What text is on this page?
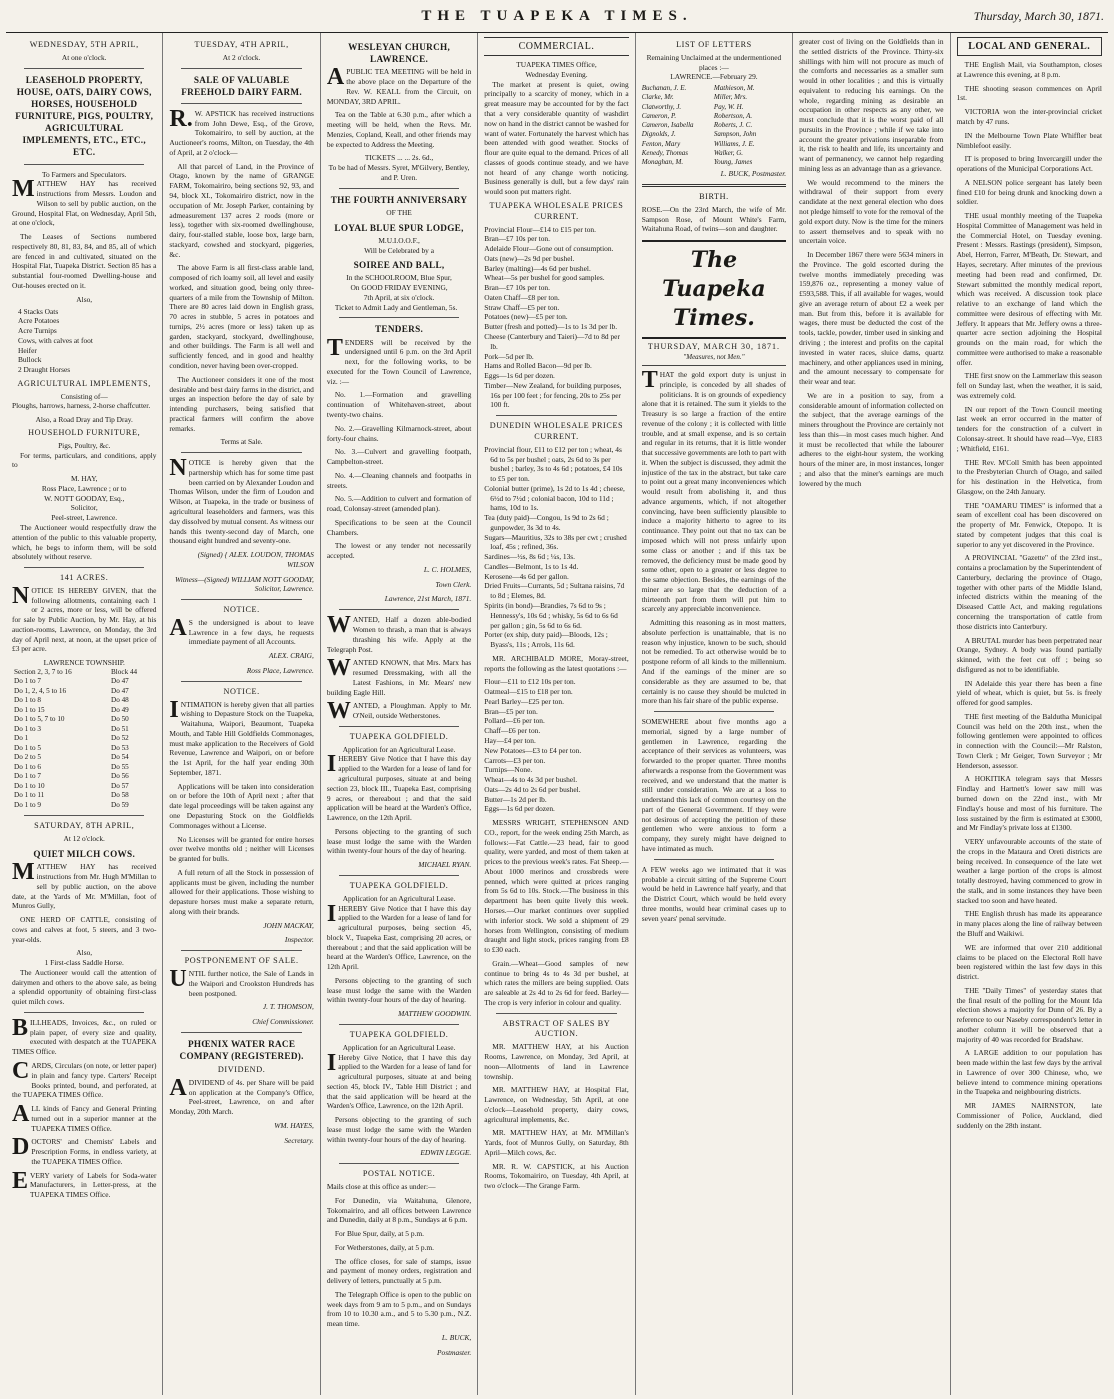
THE TUAPEKA TIMES.	Thursday, March 30, 1871.
WEDNESDAY, 5TH APRIL,
At one o'clock.
LEASEHOLD PROPERTY, HOUSE, OATS, DAIRY COWS, HORSES, HOUSEHOLD FURNITURE, PIGS, POULTRY, AGRICULTURAL IMPLEMENTS, ETC., ETC., ETC.
To Farmers and Speculators.

MATTHEW HAY has received instructions from Messrs. Loudon and Wilson to sell by public auction, on the Ground, Hospital Flat, on Wednesday, April 5th, at one o'clock,

The Leases of Sections numbered respectively 80, 81, 83, 84, and 85, all of which are fenced in and cultivated, situated on the Hospital Flat, Tuapeka District. Section 85 has a substantial four-roomed Dwelling-house and Out-houses erected on it.

Also,
4 Stacks Oats
Acre Potatoes
Acre Turnips
Cows, with calves at foot
Heifer
Bullock
2 Draught Horses
AGRICULTURAL IMPLEMENTS,
Consisting of—

Ploughs, harrows, harness, 2-horse chaffcutter.

Also, a Road Dray and Tip Dray.
HOUSEHOLD FURNITURE,
Pigs, Poultry, &c.

For terms, particulars, and conditions, apply to

M. HAY,
Ross Place, Lawrence ; or to
W. NOTT GOODAY, Esq.,
Solicitor,
Peel-street, Lawrence.

The Auctioneer would respectfully draw the attention of the public to this valuable property, which, he begs to inform them, will be sold absolutely without reserve.

141 ACRES.

NOTICE IS HEREBY GIVEN, that the following allotments, containing each 1 or 2 acres, more or less, will be offered for sale by Public Auction, by Mr. Hay, at his auction-rooms, Lawrence, on Monday, the 3rd day of April next, at noon, at the upset price of £3 per acre.

LAWRENCE TOWNSHIP.
Section 2, 3, 7 to 16	Block 44
Do 1 to 7	Do 47
Do 1, 2, 4, 5 to 16	Do 47
Do 1 to 8	Do 48
Do 1 to 15	Do 49
Do 1 to 5, 7 to 10	Do 50
Do 1 to 3	Do 51
Do 1	Do 52
Do 1 to 5	Do 53
Do 2 to 5	Do 54
Do 1 to 6	Do 55
Do 1 to 7	Do 56
Do 1 to 10	Do 57
Do 1 to 11	Do 58
Do 1 to 9	Do 59
SATURDAY, 8TH APRIL,
At 12 o'clock.
QUIET MILCH COWS.

MATTHEW HAY has received instructions from Mr. Hugh M'Millan to sell by public auction, on the above date, at the Yards of Mr. M'Millan, foot of Munros Gully,

ONE HERD OF CATTLE, consisting of cows and calves at foot, 5 steers, and 3 two-year-olds.

Also,
1 First-class Saddle Horse.

The Auctioneer would call the attention of dairymen and others to the above sale, as being a splendid opportunity of obtaining first-class quiet milch cows.

BILLHEADS, Invoices, &c., on ruled or plain paper, of every size and quality, executed with despatch at the TUAPEKA TIMES Office.

CARDS, Circulars (on note, or letter paper) in plain and fancy type. Carters' Receipt Books printed, bound, and perforated, at the TUAPEKA TIMES Office.

ALL kinds of Fancy and General Printing turned out in a superior manner at the TUAPEKA TIMES Office.

DOCTORS' and Chemists' Labels and Prescription Forms, in endless variety, at the TUAPEKA TIMES Office.

EVERY variety of Labels for Soda-water Manufacturers, in Letter-press, at the TUAPEKA TIMES Office.

TUESDAY, 4TH APRIL,
At 2 o'clock.
SALE OF VALUABLE FREEHOLD DAIRY FARM.

R.W. APSTICK has received instructions from John Dewe, Esq., of the Grove, Tokomairiro, to sell by auction, at the Auctioneer's rooms, Milton, on Tuesday, the 4th of April, at 2 o'clock—

All that parcel of Land, in the Province of Otago, known by the name of GRANGE FARM, Tokomairiro, being sections 92, 93, and 94, block XI., Tokomairiro district, now in the occupation of Mr. Joseph Parker, containing by admeasurement 137 acres 2 roods (more or less), together with six-roomed dwellinghouse, dairy, four-stalled stable, loose box, large barn, stackyard, cowshed and stockyard, piggeries, &c.

The above Farm is all first-class arable land, composed of rich loamy soil, all level and easily worked, and situation good, being only three-quarters of a mile from the Township of Milton. There are 80 acres laid down in English grass, 70 acres in stubble, 5 acres in potatoes and turnips, 2½ acres (more or less) taken up as garden, stackyard, stockyard, dwellinghouse, and other buildings. The Farm is all well and sufficiently fenced, and in good and healthy condition, never having been over-cropped.

The Auctioneer considers it one of the most desirable and best dairy farms in the district, and urges an inspection before the day of sale by intending purchasers, being satisfied that practical farmers will confirm the above remarks.

Terms at Sale.

NOTICE is hereby given that the partnership which has for some time past been carried on by Alexander Loudon and Thomas Wilson, under the firm of Loudon and Wilson, at Tuapeka, in the trade or business of agricultural leaseholders and farmers, was this day dissolved by mutual consent. As witness our hands this twenty-second day of March, one thousand eight hundred and seventy-one.

(Signed) { ALEX. LOUDON, THOMAS WILSON
Witness—(Signed) WILLIAM NOTT GOODAY, Solicitor, Lawrence.
NOTICE.

AS the undersigned is about to leave Lawrence in a few days, he requests immediate payment of all Accounts.

ALEX. CRAIG,
Ross Place, Lawrence.
NOTICE.

INTIMATION is hereby given that all parties wishing to Depasture Stock on the Tuapeka, Waitahuna, Waipori, Beaumont, Tuapeka Mouth, and Table Hill Goldfields Commonages, must make application to the Receivers of Gold Revenue, Lawrence and Waipori, on or before the 1st April, for the half year ending 30th September, 1871.

Applications will be taken into consideration on or before the 10th of April next ; after that date legal proceedings will be taken against any one Depasturing Stock on the Goldfields Commonages without a License.

No Licenses will be granted for entire horses over twelve months old ; neither will Licenses be granted for bulls.

A full return of all the Stock in possession of applicants must be given, including the number allowed for their applications. Those wishing to depasture horses must make a separate return, along with their brands.

JOHN MACKAY,
Inspector.
POSTPONEMENT OF SALE.

UNTIL further notice, the Sale of Lands in the Waipori and Crookston Hundreds has been postponed.

J. T. THOMSON,
Chief Commissioner.
PHŒNIX WATER RACE COMPANY (REGISTERED).
DIVIDEND.

ADIVIDEND of 4s. per Share will be paid on application at the Company's Office, Peel-street, Lawrence, on and after Monday, 20th March.

WM. HAYES,
Secretary.
WESLEYAN CHURCH, LAWRENCE.

APUBLIC TEA MEETING will be held in the above place on the Departure of the Rev. W. KEALL from the Circuit, on MONDAY, 3RD APRIL.

Tea on the Table at 6.30 p.m., after which a meeting will be held, when the Revs. Mr. Menzies, Copland, Keall, and other friends may be expected to Address the Meeting.

TICKETS ... ... 2s. 6d.,
To be had of Messrs. Syret, M'Gilvery, Bentley, and P. Uren.
THE FOURTH ANNIVERSARY
OF THE
LOYAL BLUE SPUR LODGE,
M.U.I.O.O.F.,
Will be Celebrated by a
SOIREE AND BALL,
In the SCHOOLROOM, Blue Spur,
On GOOD FRIDAY EVENING,
7th April, at six o'clock.

Ticket to Admit Lady and Gentleman, 5s.

TENDERS.

TENDERS will be received by the undersigned until 6 p.m. on the 3rd April next, for the following works, to be executed for the Town Council of Lawrence, viz. :—

No. 1.—Formation and gravelling continuation of Whitehaven-street, about twenty-two chains.

No. 2.—Gravelling Kilmarnock-street, about forty-four chains.

No. 3.—Culvert and gravelling footpath, Campbelton-street.

No. 4.—Cleaning channels and footpaths in streets.

No. 5.—Addition to culvert and formation of road, Colonsay-street (amended plan).

Specifications to be seen at the Council Chambers.

The lowest or any tender not necessarily accepted.

L. C. HOLMES,
Town Clerk.
Lawrence, 21st March, 1871.

WANTED, Half a dozen able-bodied Women to thrash, a man that is always thrashing his wife. Apply at the Telegraph Post.

WANTED KNOWN, that Mrs. Marx has resumed Dressmaking, with all the Latest Fashions, in Mr. Mears' new building Eagle Hill.

WANTED, a Ploughman. Apply to Mr. O'Neil, outside Wetherstones.

TUAPEKA GOLDFIELD.
Application for an Agricultural Lease.

IHEREBY Give Notice that I have this day applied to the Warden for a lease of land for agricultural purposes, situate at and being section 23, block III., Tuapeka East, comprising 9 acres, or thereabout ; and that the said application will be heard at the Warden's Office, Lawrence, on the 12th April.

Persons objecting to the granting of such lease must lodge the same with the Warden within twenty-four hours of the day of hearing.

MICHAEL RYAN.
TUAPEKA GOLDFIELD.
Application for an Agricultural Lease.

IHEREBY Give Notice that I have this day applied to the Warden for a lease of land for agricultural purposes, being section 45, block V., Tuapeka East, comprising 20 acres, or thereabout ; and that the said application will be heard at the Warden's Office, Lawrence, on the 12th April.

Persons objecting to the granting of such lease must lodge the same with the Warden within twenty-four hours of the day of hearing.

MATTHEW GOODWIN.
TUAPEKA GOLDFIELD.
Application for an Agricultural Lease.

IHereby Give Notice, that I have this day applied to the Warden for a lease of land for agricultural purposes, situate at and being section 45, block IV., Table Hill District ; and that the said application will be heard at the Warden's Office, Lawrence, on the 12th April.

Persons objecting to the granting of such lease must lodge the same with the Warden within twenty-four hours of the day of hearing.

EDWIN LEGGE.
POSTAL NOTICE.

Mails close at this office as under:—

For Dunedin, via Waitahuna, Glenore, Tokomairiro, and all offices between Lawrence and Dunedin, daily at 8 p.m., Sundays at 6 p.m.

For Blue Spur, daily, at 5 p.m.

For Wetherstones, daily, at 5 p.m.

The office closes, for sale of stamps, issue and payment of money orders, registration and delivery of letters, punctually at 5 p.m.

The Telegraph Office is open to the public on week days from 9 am to 5 p.m., and on Sundays from 10 to 10.30 a.m., and 5 to 5.30 p.m., N.Z. mean time.

L. BUCK,
Postmaster.
COMMERCIAL.
TUAPEKA TIMES Office,
Wednesday Evening.

The market at present is quiet, owing principally to a scarcity of money, which in a great measure may be accounted for by the fact that a very considerable quantity of washdirt now on hand in the district cannot be washed for want of water. Fortunately the harvest which has been attended with good weather. Stocks of flour are quite equal to the demand. Prices of all classes of goods continue steady, and we have not heard of any change worth noticing. Business generally is dull, but a few days' rain would soon put matters right.

TUAPEKA WHOLESALE PRICES CURRENT.
Provincial Flour—£14 to £15 per ton.
Bran—£7 10s per ton.
Adelaide Flour—Gone out of consumption.
Oats (new)—2s 9d per bushel.
Barley (malting)—4s 6d per bushel.
Wheat—5s per bushel for good samples.
Bran—£7 10s per ton.
Oaten Chaff—£8 per ton.
Straw Chaff—£5 per ton.
Potatoes (new)—£5 per ton.
Butter (fresh and potted)—1s to 1s 3d per lb.
Cheese (Canterbury and Taieri)—7d to 8d per lb.
Pork—5d per lb.
Hams and Rolled Bacon—9d per lb.
Eggs—1s 6d per dozen.
Timber—New Zealand, for building purposes, 16s per 100 feet ; for fencing, 20s to 25s per 100 ft.
DUNEDIN WHOLESALE PRICES CURRENT.
Provincial flour, £11 to £12 per ton ; wheat, 4s 6d to 5s per bushel ; oats, 2s 6d to 3s per bushel ; barley, 3s to 4s 6d ; potatoes, £4 10s to £5 per ton.
Colonial butter (prime), 1s 2d to 1s 4d ; cheese, 6½d to 7½d ; colonial bacon, 10d to 11d ; hams, 10d to 1s.
Tea (duty paid)—Congou, 1s 9d to 2s 6d ; gunpowder, 3s 3d to 4s.
Sugars—Mauritius, 32s to 38s per cwt ; crushed loaf, 45s ; refined, 36s.
Sardines—½s, 8s 6d ; ¼s, 13s.
Candles—Belmont, 1s to 1s 4d.
Kerosene—4s 6d per gallon.
Dried Fruits—Currants, 5d ; Sultana raisins, 7d to 8d ; Elemes, 8d.
Spirits (in bond)—Brandies, 7s 6d to 9s ; Hennessy's, 10s 6d ; whisky, 5s 6d to 6s 6d per gallon ; gin, 5s 6d to 6s 6d.
Porter (ex ship, duty paid)—Bloods, 12s ; Byass's, 11s ; Arrols, 11s 6d.

MR. ARCHIBALD MORE, Moray-street, reports the following as the latest quotations :—

Flour—£11 to £12 10s per ton.
Oatmeal—£15 to £18 per ton.
Pearl Barley—£25 per ton.
Bran—£5 per ton.
Pollard—£6 per ton.
Chaff—£6 per ton.
Hay—£4 per ton.
New Potatoes—£3 to £4 per ton.
Carrots—£3 per ton.
Turnips—None.
Wheat—4s to 4s 3d per bushel.
Oats—2s 4d to 2s 6d per bushel.
Butter—1s 2d per lb.
Eggs—1s 6d per dozen.

MESSRS WRIGHT, STEPHENSON AND CO., report, for the week ending 25th March, as follows:—Fat Cattle.—23 head, fair to good quality, were yarded, and most of them taken at prices to the previous week's rates. Fat Sheep.—About 1000 merinos and crossbreds were penned, which were quitted at prices ranging from 5s 6d to 10s. Stock.—The business in this department has been quite lively this week. Horses.—Our market continues over supplied with inferior stock. We sold a shipment of 29 horses from Wellington, consisting of medium draught and light stock, prices ranging from £8 to £30 each.

Grain.—Wheat—Good samples of new continue to bring 4s to 4s 3d per bushel, at which rates the millers are being supplied. Oats are saleable at 2s 4d to 2s 6d for feed. Barley—The crop is very inferior in colour and quality.

ABSTRACT OF SALES BY AUCTION.

MR. MATTHEW HAY, at his Auction Rooms, Lawrence, on Monday, 3rd April, at noon—Allotments of land in Lawrence township.

MR. MATTHEW HAY, at Hospital Flat, Lawrence, on Wednesday, 5th April, at one o'clock—Leasehold property, dairy cows, agricultural implements, &c.

MR. MATTHEW HAY, at Mr. M'Millan's Yards, foot of Munros Gully, on Saturday, 8th April—Milch cows, &c.

MR. R. W. CAPSTICK, at his Auction Rooms, Tokomairiro, on Tuesday, 4th April, at two o'clock—The Grange Farm.

LIST OF LETTERS
Remaining Unclaimed at the undermentioned places :—
LAWRENCE.—February 29.
Buchanan, J. E.	Mathieson, M.
Clarke, Mr.	Miller, Mrs.
Clatworthy, J.	Pay, W. H.
Cameron, P.	Robertson, A.
Cameron, Isabella	Roberts, J. C.
Dignolds, J.	Sampson, John
Fenton, Mary	Williams, J. E.
Kenedy, Thomas	Walker, G.
Monaghan, M.	Young, James
L. BUCK, Postmaster.
BIRTH.

ROSE.—On the 23rd March, the wife of Mr. Sampson Rose, of Mount White's Farm, Waitahuna Road, of twins—son and daughter.

The Tuapeka Times.
THURSDAY, MARCH 30, 1871.
"Measures, not Men."

THAT the gold export duty is unjust in principle, is conceded by all shades of politicians. It is on grounds of expediency alone that it is retained. The sum it yields to the Treasury is so large a fraction of the entire revenue of the colony ; it is collected with little trouble, and at small expense, and is so certain and regular in its returns, that it is little wonder that successive governments are loth to part with it. When the subject is discussed, they admit the injustice of the tax in the abstract, but take care to point out a great many inconveniences which would result from abolishing it, and thus advance arguments, which, if not altogether convincing, have been sufficiently plausible to induce a majority hitherto to agree to its continuance. They point out that no tax can be imposed which will not press unfairly upon some class or another ; and if this tax be removed, the deficiency must be made good by some other, open to a greater or less degree to the same objection. Besides, the earnings of the miner are so large that the deduction of a thirteenth part from them will put him to scarcely any appreciable inconvenience.

Admitting this reasoning as in most matters, absolute perfection is unattainable, that is no reason why injustice, known to be such, should not be remedied. To act otherwise would be to postpone reform of all kinds to the millennium. And if the earnings of the miner are so considerable as they are assumed to be, that certainly is no cause they should be mulcted in more than his fair share of the public expense.

SOMEWHERE about five months ago a memorial, signed by a large number of gentlemen in Lawrence, regarding the acceptance of their services as volunteers, was forwarded to the proper quarter. Three months afterwards a response from the Government was received, and we understand that the matter is still under consideration. We are at a loss to understand this lack of common courtesy on the part of the General Government. If they were not desirous of accepting the petition of these gentlemen who were anxious to form a company, they surely might have deigned to have intimated as much.

A FEW weeks ago we intimated that it was probable a circuit sitting of the Supreme Court would be held in Lawrence half yearly, and that the District Court, which would be held every three months, would hear criminal cases up to seven years' penal servitude.

greater cost of living on the Goldfields than in the settled districts of the Province. Thirty-six shillings with him will not procure as much of the comforts and necessaries as a smaller sum would in other localities ; and this is virtually equivalent to reducing his earnings. On the whole, regarding mining as desirable an occupation in other respects as any other, we must conclude that it is the worst paid of all pursuits in the Province ; while if we take into account the greater privations inseparable from it, the risk to health and life, its uncertainty and want of permanency, we cannot help regarding mining less as an advantage than as a grievance.

We would recommend to the miners the withdrawal of their support from every candidate at the next general election who does not pledge himself to vote for the removal of the gold export duty. Now is the time for the miners to assert themselves and to speak with no uncertain voice.

In December 1867 there were 5634 miners in the Province. The gold escorted during the twelve months immediately preceding was 159,876 oz., representing a money value of £593,588. This, if all available for wages, would give an average return of about £2 a week per man. But from this, before it is available for wages, there must be deducted the cost of the tools, tackle, powder, timber used in sinking and driving ; the interest and profits on the capital invested in water races, sluice dams, quartz machinery, and other appliances used in mining, and the amount necessary to compensate for their wear and tear.

We are in a position to say, from a considerable amount of information collected on the subject, that the average earnings of the miners throughout the Province are certainly not less than this—in most cases much higher. And it must be recollected that while the labourer adheres to the eight-hour system, the working hours of the miner are, in most instances, longer ; and also that the miner's earnings are much lowered by the much

LOCAL AND GENERAL.

THE English Mail, via Southampton, closes at Lawrence this evening, at 8 p.m.

THE shooting season commences on April 1st.

VICTORIA won the inter-provincial cricket match by 47 runs.

IN the Melbourne Town Plate Whiffler beat Nimblefoot easily.

IT is proposed to bring Invercargill under the operations of the Municipal Corporations Act.

A NELSON police sergeant has lately been fined £10 for being drunk and knocking down a soldier.

THE usual monthly meeting of the Tuapeka Hospital Committee of Management was held in the Commercial Hotel, on Tuesday evening. Present : Messrs. Rastings (president), Simpson, Abel, Herron, Farrer, M'Beath, Dr. Stewart, and Hayes, secretary. After minutes of the previous meeting had been read and confirmed, Dr. Stewart submitted the monthly medical report, which was received. A discussion took place relative to an exchange of land which the committee were desirous of effecting with Mr. Jeffery. It appears that Mr. Jeffery owns a three-quarter acre section adjoining the Hospital grounds on the main road, for which the committee were authorised to make a reasonable offer.

THE first snow on the Lammerlaw this season fell on Sunday last, when the weather, it is said, was extremely cold.

IN our report of the Town Council meeting last week an error occurred in the matter of tenders for the construction of a culvert in Colonsay-street. It should have read—Vye, £183 ; Whitfield, £161.

THE Rev. M'Coll Smith has been appointed to the Presbyterian Church of Otago, and sailed for his destination in the Helvetica, from Glasgow, on the 24th January.

THE "OAMARU TIMES" is informed that a seam of excellent coal has been discovered on the property of Mr. Fenwick, Otepopo. It is stated by competent judges that this coal is superior to any yet discovered in the Province.

A PROVINCIAL "Gazette" of the 23rd inst., contains a proclamation by the Superintendent of Canterbury, declaring the province of Otago, together with other parts of the Middle Island, infected districts within the meaning of the Diseased Cattle Act, and making regulations concerning the transportation of cattle from those districts into Canterbury.

A BRUTAL murder has been perpetrated near Orange, Sydney. A body was found partially skinned, with the feet cut off ; being so disfigured as not to be identifiable.

IN Adelaide this year there has been a fine yield of wheat, which is quiet, but 5s. is freely offered for good samples.

THE first meeting of the Baldutha Municipal Council was held on the 20th inst., when the following gentlemen were appointed to offices in connection with the Council:—Mr Ralston, Town Clerk ; Mr Geiger, Town Surveyor ; Mr Henderson, assessor.

A HOKITIKA telegram says that Messrs Findlay and Hartnett's lower saw mill was burned down on the 22nd inst., with Mr Findlay's house and most of his furniture. The loss sustained by the firm is estimated at £3000, and Mr Findlay's private loss at £1300.

VERY unfavourable accounts of the state of the crops in the Mataura and Oreti districts are being received. In consequence of the late wet weather a large portion of the crops is almost totally destroyed, having commenced to grow in the stalk, and in some instances they have been stacked too soon and have heated.

THE English thrush has made its appearance in many places along the line of railway between the Bluff and Waikiwi.

WE are informed that over 210 additional claims to be placed on the Electoral Roll have been registered within the last few days in this district.

THE "Daily Times" of yesterday states that the final result of the polling for the Mount Ida election shows a majority for Dunn of 26. By a reference to our Naseby correspondent's letter in another column it will be observed that a majority of 40 was recorded for Bradshaw.

A LARGE addition to our population has been made within the last few days by the arrival in Lawrence of over 300 Chinese, who, we believe intend to commence mining operations in the Tuapeka and neighbouring districts.

MR JAMES NAIRNSTON, late Commissioner of Police, Auckland, died suddenly on the 28th instant.
